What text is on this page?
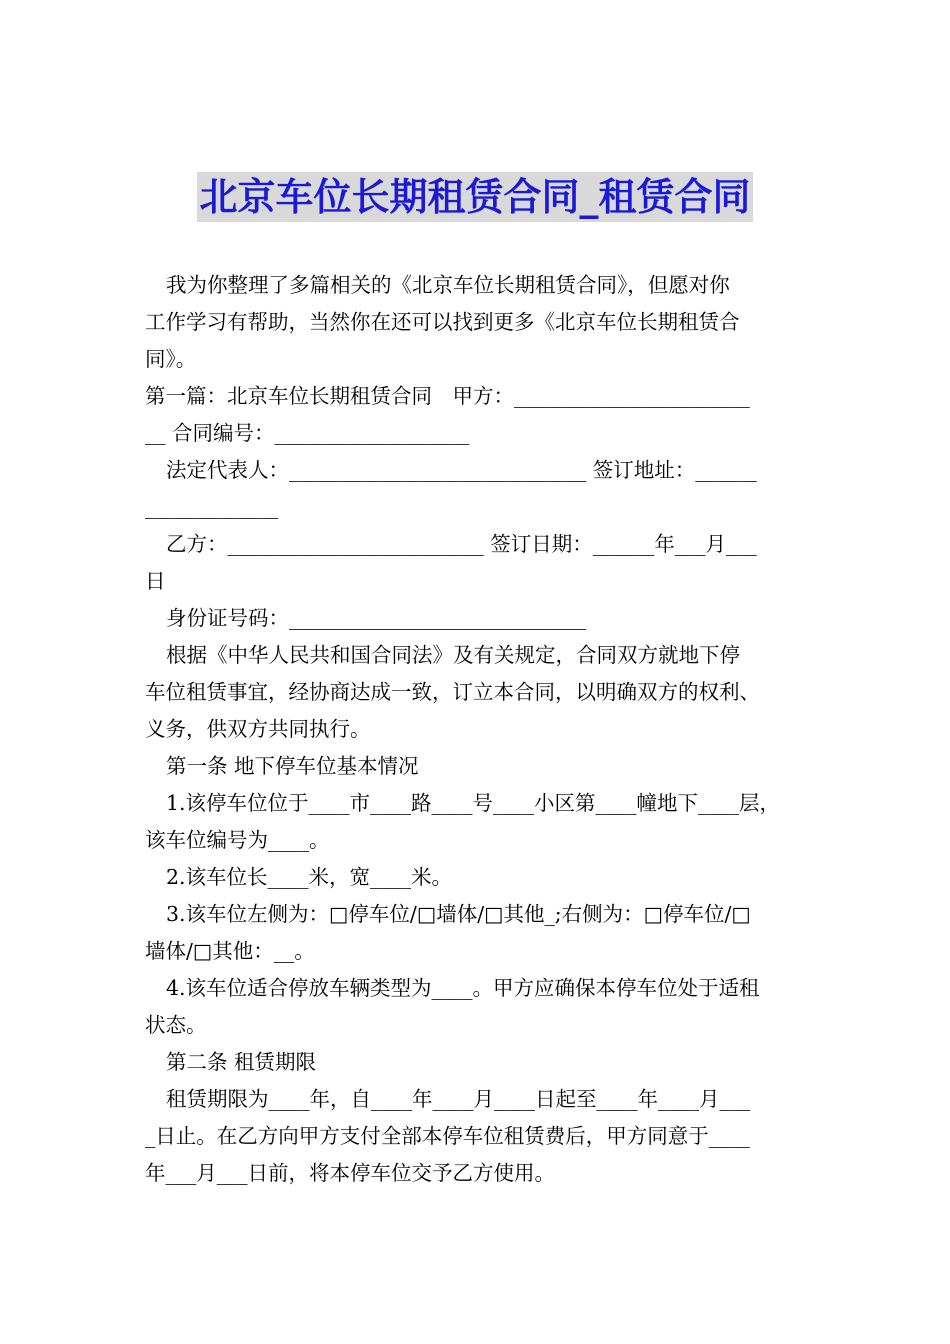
北京车位长期租赁合同_租赁合同

我为你整理了多篇相关的《北京车位长期租赁合同》，但愿对你

工作学习有帮助，当然你在还可以找到更多《北京车位长期租赁合

同》。

第一篇：北京车位长期租赁合同　甲方：_______________________

__ 合同编号：___________________

法定代表人：_____________________________ 签订地址：______

_____________

乙方：_________________________ 签订日期：______年___月___

日

身份证号码：_____________________________

根据《中华人民共和国合同法》及有关规定，合同双方就地下停

车位租赁事宜，经协商达成一致，订立本合同，以明确双方的权利、

义务，供双方共同执行。

第一条 地下停车位基本情况

1.该停车位位于____市____路____号____小区第____幢地下____层，

该车位编号为____。

2.该车位长____米，宽____米。

3.该车位左侧为：□停车位/□墙体/□其他_;右侧为：□停车位/□

墙体/□其他：__。

4.该车位适合停放车辆类型为____。甲方应确保本停车位处于适租

状态。

第二条 租赁期限

租赁期限为____年，自____年____月____日起至____年____月___

_日止。在乙方向甲方支付全部本停车位租赁费后，甲方同意于____

年___月___日前，将本停车位交予乙方使用。
